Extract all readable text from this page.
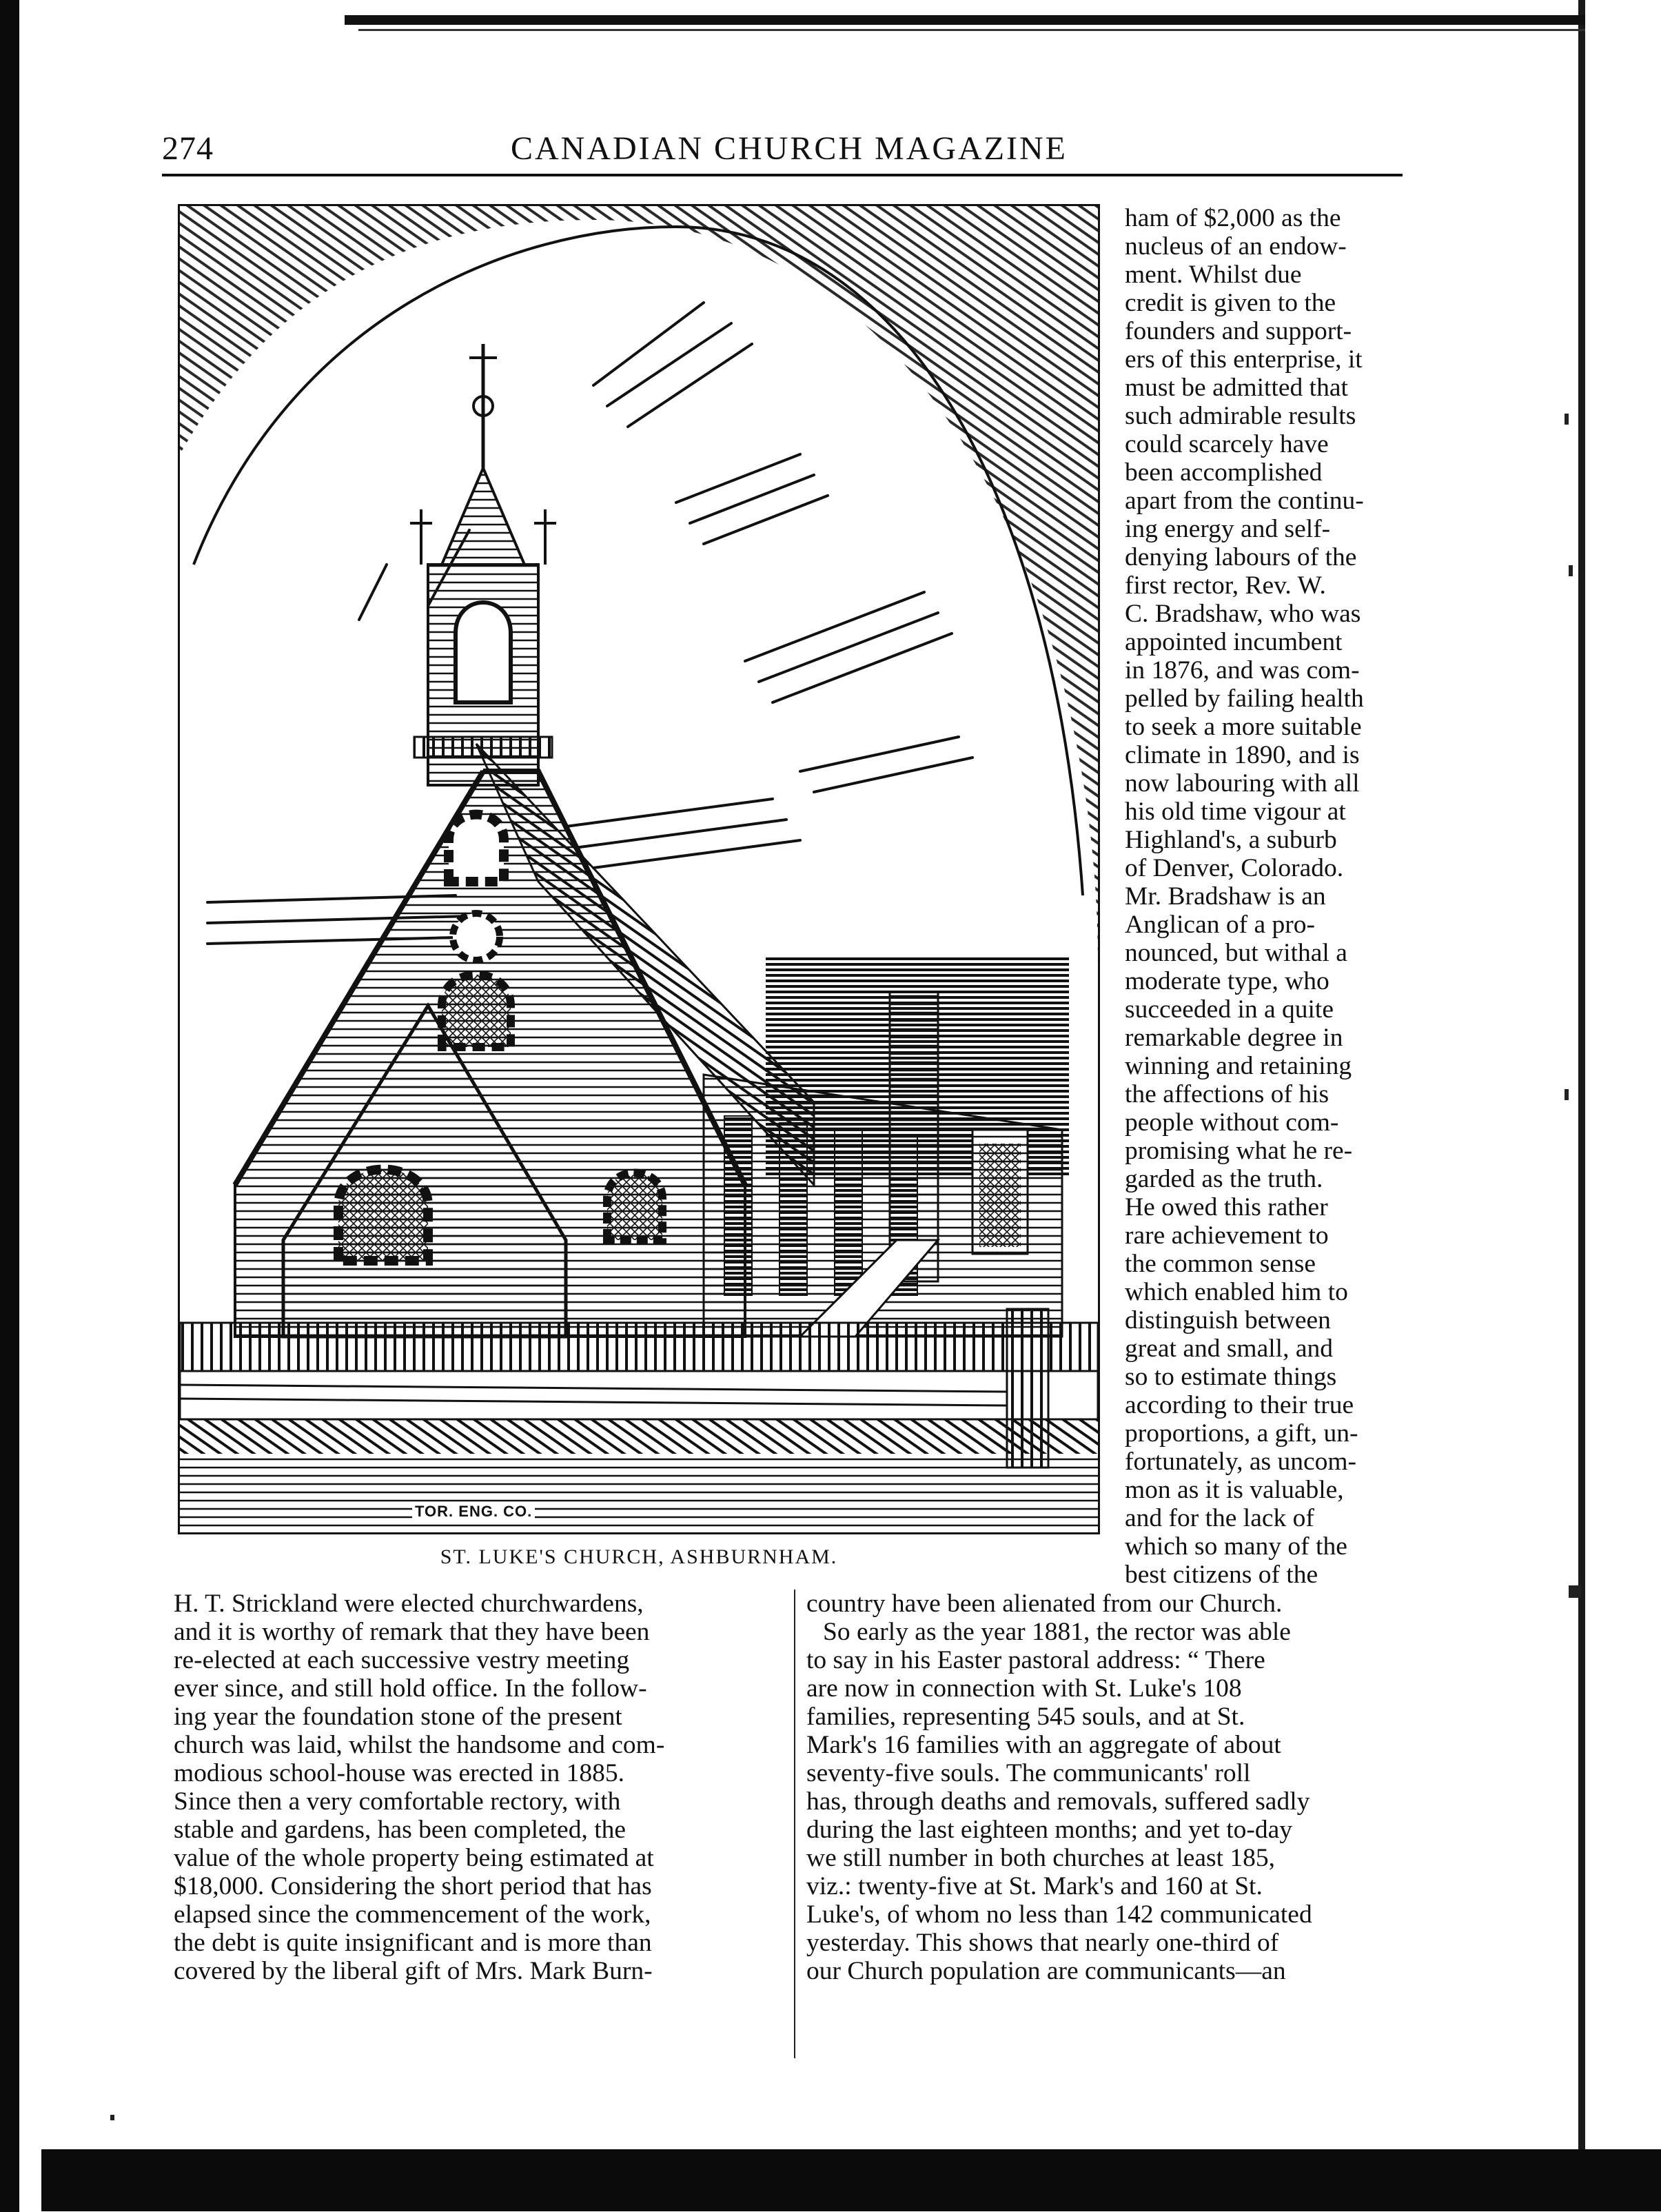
274	CANADIAN CHURCH MAGAZINE
TOR. ENG. CO.
ST. LUKE'S CHURCH, ASHBURNHAM.
ham of $2,000 as the
nucleus of an endow-
ment. Whilst due
credit is given to the
founders and support-
ers of this enterprise, it
must be admitted that
such admirable results
could scarcely have
been accomplished
apart from the continu-
ing energy and self-
denying labours of the
first rector, Rev. W.
C. Bradshaw, who was
appointed incumbent
in 1876, and was com-
pelled by failing health
to seek a more suitable
climate in 1890, and is
now labouring with all
his old time vigour at
Highland's, a suburb
of Denver, Colorado.
Mr. Bradshaw is an
Anglican of a pro-
nounced, but withal a
moderate type, who
succeeded in a quite
remarkable degree in
winning and retaining
the affections of his
people without com-
promising what he re-
garded as the truth.
He owed this rather
rare achievement to
the common sense
which enabled him to
distinguish between
great and small, and
so to estimate things
according to their true
proportions, a gift, un-
fortunately, as uncom-
mon as it is valuable,
and for the lack of
which so many of the
best citizens of the
H. T. Strickland were elected churchwardens,
and it is worthy of remark that they have been
re-elected at each successive vestry meeting
ever since, and still hold office. In the follow-
ing year the foundation stone of the present
church was laid, whilst the handsome and com-
modious school-house was erected in 1885.
Since then a very comfortable rectory, with
stable and gardens, has been completed, the
value of the whole property being estimated at
$18,000. Considering the short period that has
elapsed since the commencement of the work,
the debt is quite insignificant and is more than
covered by the liberal gift of Mrs. Mark Burn-
country have been alienated from our Church.
So early as the year 1881, the rector was able
to say in his Easter pastoral address: “ There
are now in connection with St. Luke's 108
families, representing 545 souls, and at St.
Mark's 16 families with an aggregate of about
seventy-five souls. The communicants' roll
has, through deaths and removals, suffered sadly
during the last eighteen months; and yet to-day
we still number in both churches at least 185,
viz.: twenty-five at St. Mark's and 160 at St.
Luke's, of whom no less than 142 communicated
yesterday. This shows that nearly one-third of
our Church population are communicants—an
